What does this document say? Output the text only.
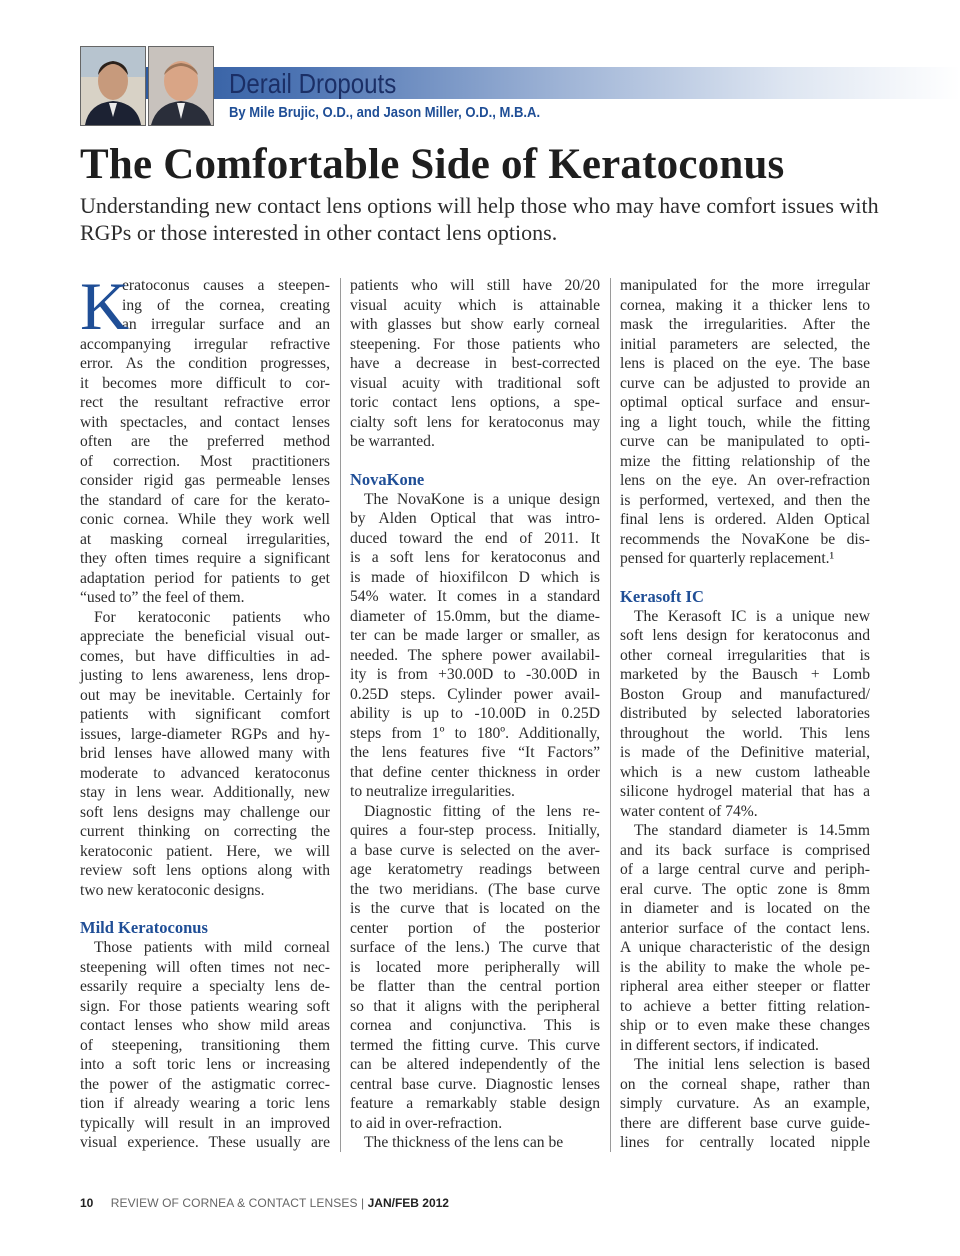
Derail Dropouts
By Mile Brujic, O.D., and Jason Miller, O.D., M.B.A.
The Comfortable Side of Keratoconus
Understanding new contact lens options will help those who may have comfort issues with RGPs or those interested in other contact lens options.
K
eratoconus causes a steepen-
ing of the cornea, creating
an irregular surface and an
accompanying irregular refractive
error. As the condition progresses,
it becomes more difficult to cor-
rect the resultant refractive error
with spectacles, and contact lenses
often are the preferred method
of correction. Most practitioners
consider rigid gas permeable lenses
the standard of care for the kerato-
conic cornea. While they work well
at masking corneal irregularities,
they often times require a significant
adaptation period for patients to get
“used to” the feel of them.
For keratoconic patients who
appreciate the beneficial visual out-
comes, but have difficulties in ad-
justing to lens awareness, lens drop-
out may be inevitable. Certainly for
patients with significant comfort
issues, large-diameter RGPs and hy-
brid lenses have allowed many with
moderate to advanced keratoconus
stay in lens wear. Additionally, new
soft lens designs may challenge our
current thinking on correcting the
keratoconic patient. Here, we will
review soft lens options along with
two new keratoconic designs.
Mild Keratoconus
Those patients with mild corneal
steepening will often times not nec-
essarily require a specialty lens de-
sign. For those patients wearing soft
contact lenses who show mild areas
of steepening, transitioning them
into a soft toric lens or increasing
the power of the astigmatic correc-
tion if already wearing a toric lens
typically will result in an improved
visual experience. These usually are
patients who will still have 20/20
visual acuity which is attainable
with glasses but show early corneal
steepening. For those patients who
have a decrease in best-corrected
visual acuity with traditional soft
toric contact lens options, a spe-
cialty soft lens for keratoconus may
be warranted.
NovaKone
The NovaKone is a unique design
by Alden Optical that was intro-
duced toward the end of 2011. It
is a soft lens for keratoconus and
is made of hioxifilcon D which is
54% water. It comes in a standard
diameter of 15.0mm, but the diame-
ter can be made larger or smaller, as
needed. The sphere power availabil-
ity is from +30.00D to -30.00D in
0.25D steps. Cylinder power avail-
ability is up to -10.00D in 0.25D
steps from 1º to 180º. Additionally,
the lens features five “It Factors”
that define center thickness in order
to neutralize irregularities.
Diagnostic fitting of the lens re-
quires a four-step process. Initially,
a base curve is selected on the aver-
age keratometry readings between
the two meridians. (The base curve
is the curve that is located on the
center portion of the posterior
surface of the lens.) The curve that
is located more peripherally will
be flatter than the central portion
so that it aligns with the peripheral
cornea and conjunctiva. This is
termed the fitting curve. This curve
can be altered independently of the
central base curve. Diagnostic lenses
feature a remarkably stable design
to aid in over-refraction.
The thickness of the lens can be
manipulated for the more irregular
cornea, making it a thicker lens to
mask the irregularities. After the
initial parameters are selected, the
lens is placed on the eye. The base
curve can be adjusted to provide an
optimal optical surface and ensur-
ing a light touch, while the fitting
curve can be manipulated to opti-
mize the fitting relationship of the
lens on the eye. An over-refraction
is performed, vertexed, and then the
final lens is ordered. Alden Optical
recommends the NovaKone be dis-
pensed for quarterly replacement.¹
Kerasoft IC
The Kerasoft IC is a unique new
soft lens design for keratoconus and
other corneal irregularities that is
marketed by the Bausch + Lomb
Boston Group and manufactured/
distributed by selected laboratories
throughout the world. This lens
is made of the Definitive material,
which is a new custom latheable
silicone hydrogel material that has a
water content of 74%.
The standard diameter is 14.5mm
and its back surface is comprised
of a large central curve and periph-
eral curve. The optic zone is 8mm
in diameter and is located on the
anterior surface of the contact lens.
A unique characteristic of the design
is the ability to make the whole pe-
ripheral area either steeper or flatter
to achieve a better fitting relation-
ship or to even make these changes
in different sectors, if indicated.
The initial lens selection is based
on the corneal shape, rather than
simply curvature. As an example,
there are different base curve guide-
lines for centrally located nipple
10 REVIEW OF CORNEA & CONTACT LENSES | JAN/FEB 2012
